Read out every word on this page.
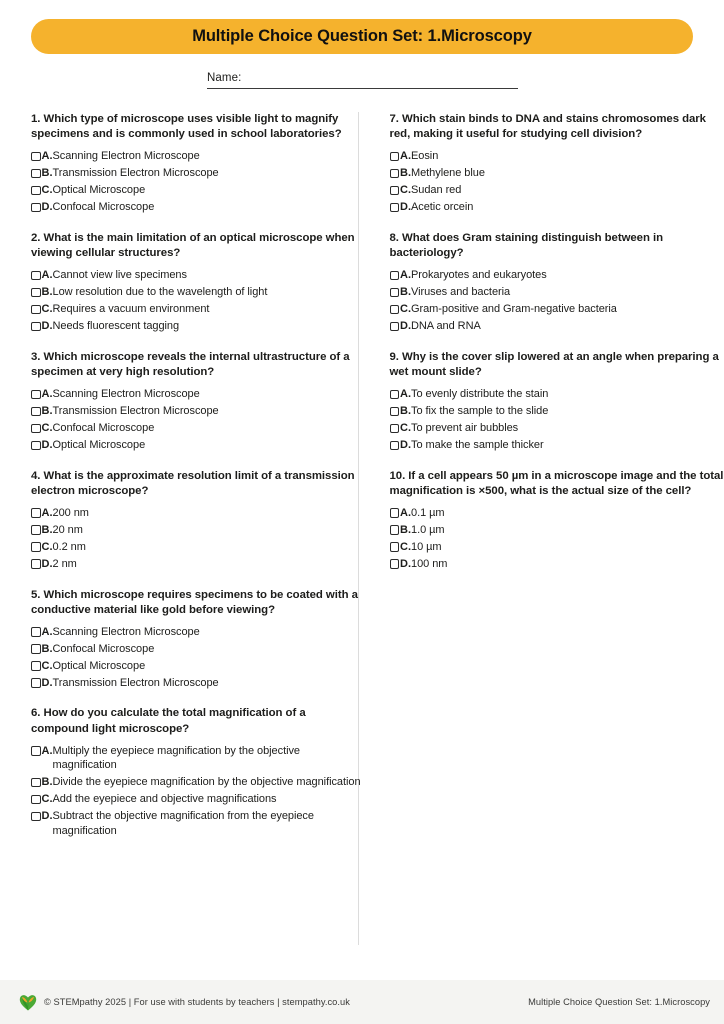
Multiple Choice Question Set: 1.Microscopy
Name:
1. Which type of microscope uses visible light to magnify specimens and is commonly used in school laboratories?
A. Scanning Electron Microscope
B. Transmission Electron Microscope
C. Optical Microscope
D. Confocal Microscope
2. What is the main limitation of an optical microscope when viewing cellular structures?
A. Cannot view live specimens
B. Low resolution due to the wavelength of light
C. Requires a vacuum environment
D. Needs fluorescent tagging
3. Which microscope reveals the internal ultrastructure of a specimen at very high resolution?
A. Scanning Electron Microscope
B. Transmission Electron Microscope
C. Confocal Microscope
D. Optical Microscope
4. What is the approximate resolution limit of a transmission electron microscope?
A. 200 nm
B. 20 nm
C. 0.2 nm
D. 2 nm
5. Which microscope requires specimens to be coated with a conductive material like gold before viewing?
A. Scanning Electron Microscope
B. Confocal Microscope
C. Optical Microscope
D. Transmission Electron Microscope
6. How do you calculate the total magnification of a compound light microscope?
A. Multiply the eyepiece magnification by the objective magnification
B. Divide the eyepiece magnification by the objective magnification
C. Add the eyepiece and objective magnifications
D. Subtract the objective magnification from the eyepiece magnification
7. Which stain binds to DNA and stains chromosomes dark red, making it useful for studying cell division?
A. Eosin
B. Methylene blue
C. Sudan red
D. Acetic orcein
8. What does Gram staining distinguish between in bacteriology?
A. Prokaryotes and eukaryotes
B. Viruses and bacteria
C. Gram-positive and Gram-negative bacteria
D. DNA and RNA
9. Why is the cover slip lowered at an angle when preparing a wet mount slide?
A. To evenly distribute the stain
B. To fix the sample to the slide
C. To prevent air bubbles
D. To make the sample thicker
10. If a cell appears 50 µm in a microscope image and the total magnification is ×500, what is the actual size of the cell?
A. 0.1 µm
B. 1.0 µm
C. 10 µm
D. 100 nm
© STEMpathy 2025 | For use with students by teachers | stempathy.co.uk	Multiple Choice Question Set: 1.Microscopy
